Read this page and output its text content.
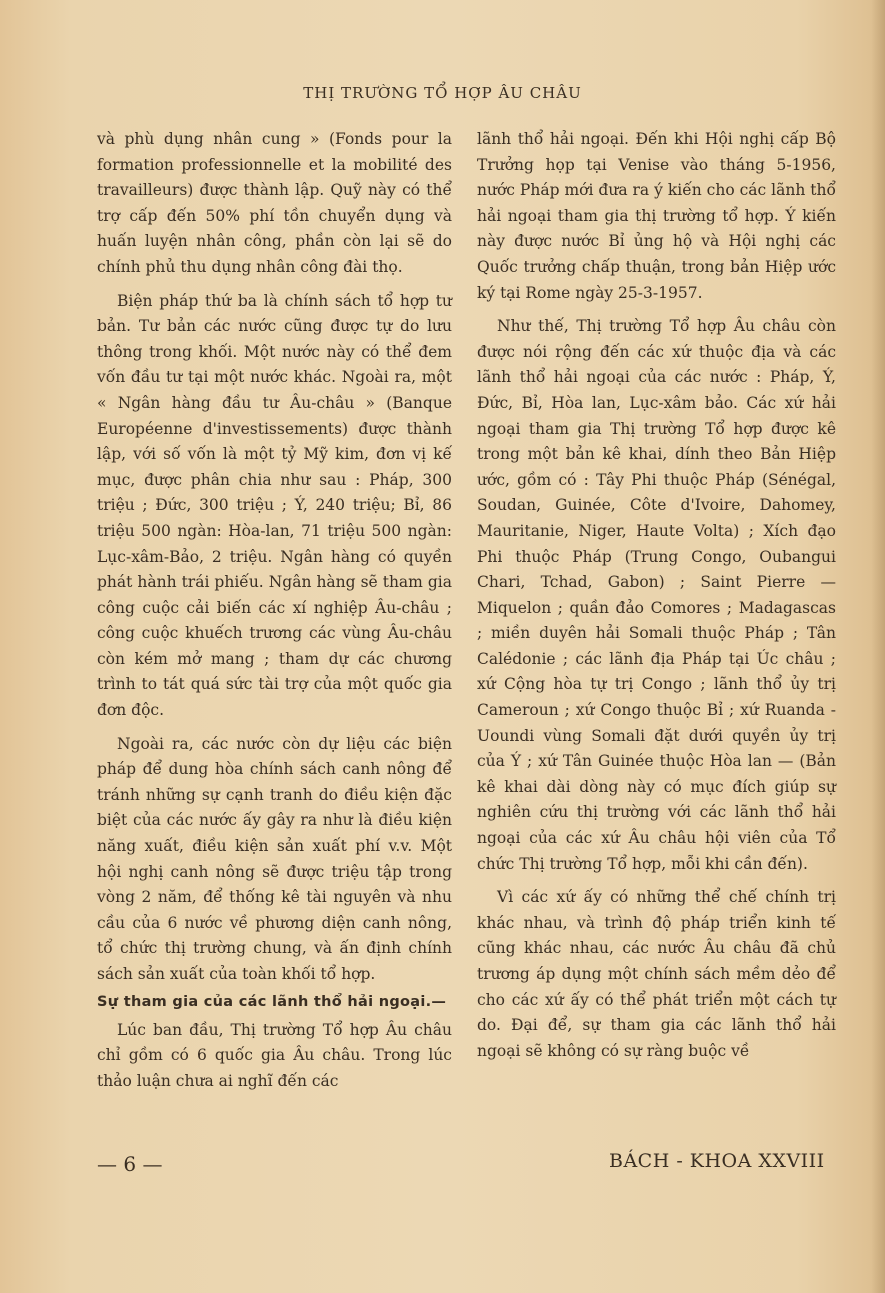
THỊ TRƯỜNG TỔ HỢP ÂU CHÂU

và phù dụng nhân cung » (Fonds pour la formation professionnelle et la mobilité des travailleurs) được thành lập. Quỹ này có thể trợ cấp đến 50% phí tồn chuyển dụng và huấn luyện nhân công, phần còn lại sẽ do chính phủ thu dụng nhân công đài thọ.

Biện pháp thứ ba là chính sách tổ hợp tư bản. Tư bản các nước cũng được tự do lưu thông trong khối. Một nước này có thể đem vốn đầu tư tại một nước khác. Ngoài ra, một « Ngân hàng đầu tư Âu-châu » (Banque Européenne d'investissements) được thành lập, với số vốn là một tỷ Mỹ kim, đơn vị kế mục, được phân chia như sau : Pháp, 300 triệu ; Đức, 300 triệu ; Ý, 240 triệu; Bỉ, 86 triệu 500 ngàn: Hòa-lan, 71 triệu 500 ngàn: Lục-xâm-Bảo, 2 triệu. Ngân hàng có quyền phát hành trái phiếu. Ngân hàng sẽ tham gia công cuộc cải biến các xí nghiệp Âu-châu ; công cuộc khuếch trương các vùng Âu-châu còn kém mở mang ; tham dự các chương trình to tát quá sức tài trợ của một quốc gia đơn độc.

Ngoài ra, các nước còn dự liệu các biện pháp để dung hòa chính sách canh nông để tránh những sự cạnh tranh do điều kiện đặc biệt của các nước ấy gây ra như là điều kiện năng xuất, điều kiện sản xuất phí v.v. Một hội nghị canh nông sẽ được triệu tập trong vòng 2 năm, để thống kê tài nguyên và nhu cầu của 6 nước về phương diện canh nông, tổ chức thị trường chung, và ấn định chính sách sản xuất của toàn khối tổ hợp.

Sự tham gia của các lãnh thổ hải ngoại.—

Lúc ban đầu, Thị trường Tổ hợp Âu châu chỉ gồm có 6 quốc gia Âu châu. Trong lúc thảo luận chưa ai nghĩ đến các

lãnh thổ hải ngoại. Đến khi Hội nghị cấp Bộ Trưởng họp tại Venise vào tháng 5-1956, nước Pháp mới đưa ra ý kiến cho các lãnh thổ hải ngoại tham gia thị trường tổ hợp. Ý kiến này được nước Bỉ ủng hộ và Hội nghị các Quốc trưởng chấp thuận, trong bản Hiệp ước ký tại Rome ngày 25-3-1957.

Như thế, Thị trường Tổ hợp Âu châu còn được nói rộng đến các xứ thuộc địa và các lãnh thổ hải ngoại của các nước : Pháp, Ý, Đức, Bỉ, Hòa lan, Lục-xâm bảo. Các xứ hải ngoại tham gia Thị trường Tổ hợp được kê trong một bản kê khai, dính theo Bản Hiệp ước, gồm có : Tây Phi thuộc Pháp (Sénégal, Soudan, Guinée, Côte d'Ivoire, Dahomey, Mauritanie, Niger, Haute Volta) ; Xích đạo Phi thuộc Pháp (Trung Congo, Oubangui Chari, Tchad, Gabon) ; Saint Pierre — Miquelon ; quần đảo Comores ; Madagascas ; miền duyên hải Somali thuộc Pháp ; Tân Calédonie ; các lãnh địa Pháp tại Úc châu ; xứ Cộng hòa tự trị Congo ; lãnh thổ ủy trị Cameroun ; xứ Congo thuộc Bỉ ; xứ Ruanda - Uoundi vùng Somali đặt dưới quyền ủy trị của Ý ; xứ Tân Guinée thuộc Hòa lan — (Bản kê khai dài dòng này có mục đích giúp sự nghiên cứu thị trường với các lãnh thổ hải ngoại của các xứ Âu châu hội viên của Tổ chức Thị trường Tổ hợp, mỗi khi cần đến).

Vì các xứ ấy có những thể chế chính trị khác nhau, và trình độ pháp triển kinh tế cũng khác nhau, các nước Âu châu đã chủ trương áp dụng một chính sách mềm dẻo để cho các xứ ấy có thể phát triển một cách tự do. Đại để, sự tham gia các lãnh thổ hải ngoại sẽ không có sự ràng buộc về

— 6 —	BÁCH - KHOA XXVIII
